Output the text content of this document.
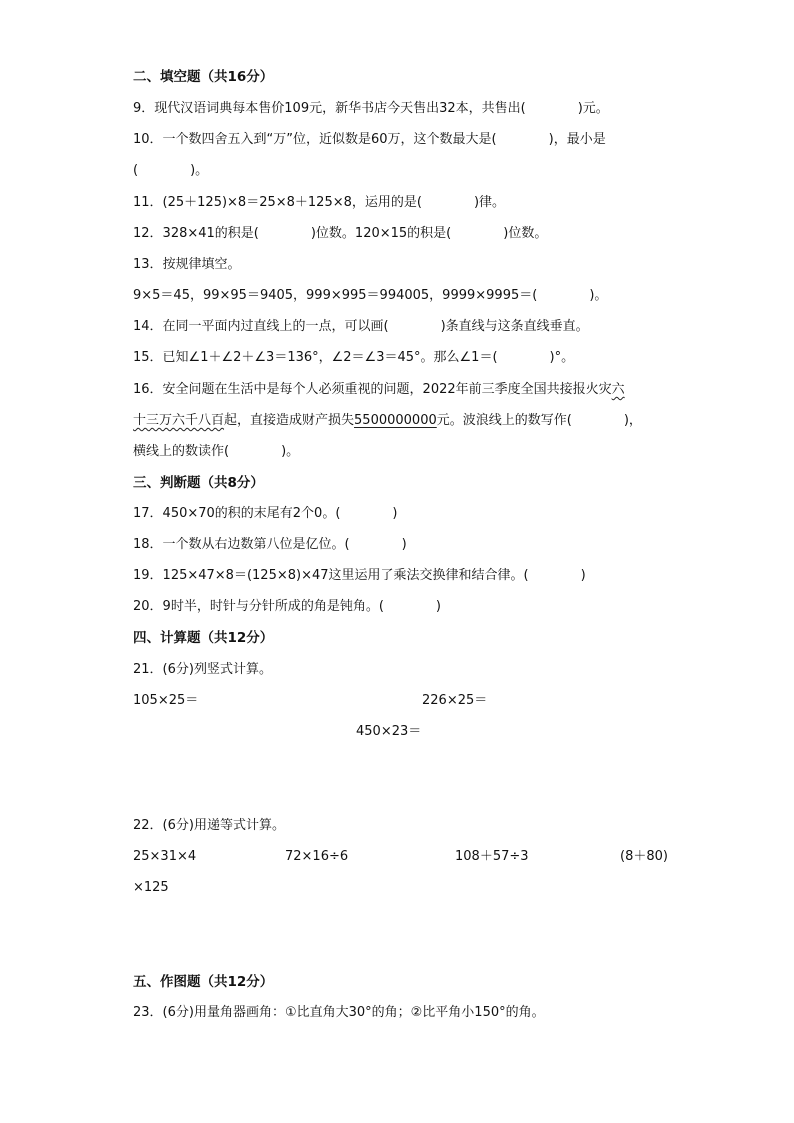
二、填空题（共16分）
9．现代汉语词典每本售价109元，新华书店今天售出32本，共售出(　　　　)元。
10．一个数四舍五入到“万”位，近似数是60万，这个数最大是(　　　　)，最小是
(　　　　)。
11．(25＋125)×8＝25×8＋125×8，运用的是(　　　　)律。
12．328×41的积是(　　　　)位数。120×15的积是(　　　　)位数。
13．按规律填空。
9×5＝45，99×95＝9405，999×995＝994005，9999×9995＝(　　　　)。
14．在同一平面内过直线上的一点，可以画(　　　　)条直线与这条直线垂直。
15．已知∠1＋∠2＋∠3＝136°，∠2＝∠3＝45°。那么∠1＝(　　　　)°。
16．安全问题在生活中是每个人必须重视的问题，2022年前三季度全国共接报火灾六
十三万六千八百起，直接造成财产损失5500000000元。波浪线上的数写作(　　　　)，
横线上的数读作(　　　　)。
三、判断题（共8分）
17．450×70的积的末尾有2个0。(　　　　)
18．一个数从右边数第八位是亿位。(　　　　)
19．125×47×8＝(125×8)×47这里运用了乘法交换律和结合律。(　　　　)
20．9时半，时针与分针所成的角是钝角。(　　　　)
四、计算题（共12分）
21．(6分)列竖式计算。
105×25＝	226×25＝
450×23＝
22．(6分)用递等式计算。
25×31×4	72×16÷6	108＋57÷3	(8＋80)
×125
五、作图题（共12分）
23．(6分)用量角器画角：①比直角大30°的角；②比平角小150°的角。
